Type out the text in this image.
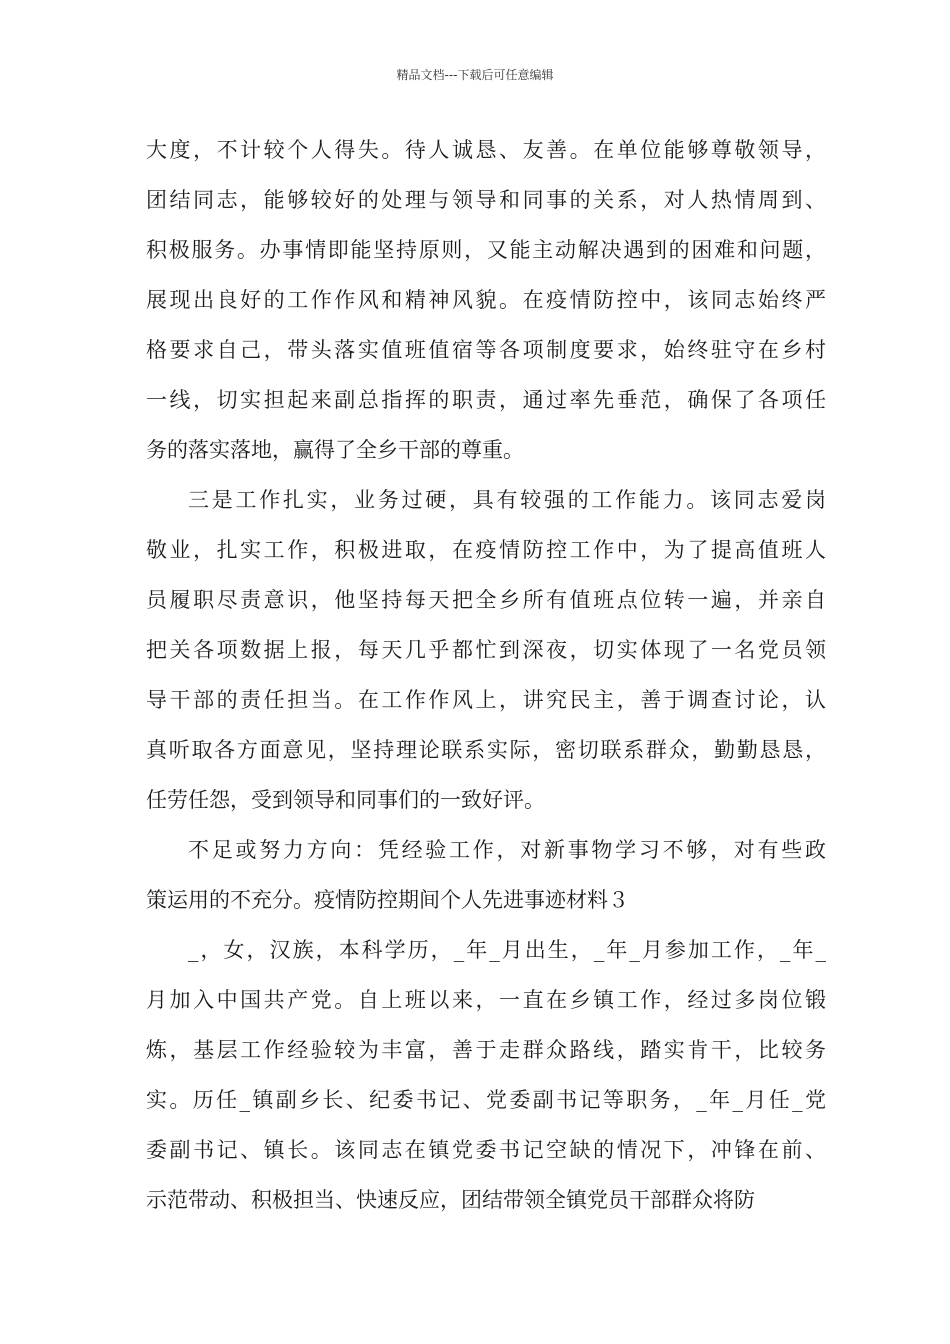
精品文档---下载后可任意编辑
大度，不计较个人得失。待人诚恳、友善。在单位能够尊敬领导，
团结同志，能够较好的处理与领导和同事的关系，对人热情周到、
积极服务。办事情即能坚持原则，又能主动解决遇到的困难和问题，
展现出良好的工作作风和精神风貌。在疫情防控中，该同志始终严
格要求自己，带头落实值班值宿等各项制度要求，始终驻守在乡村
一线，切实担起来副总指挥的职责，通过率先垂范，确保了各项任
务的落实落地，赢得了全乡干部的尊重。
三是工作扎实，业务过硬，具有较强的工作能力。该同志爱岗
敬业，扎实工作，积极进取，在疫情防控工作中，为了提高值班人
员履职尽责意识，他坚持每天把全乡所有值班点位转一遍，并亲自
把关各项数据上报，每天几乎都忙到深夜，切实体现了一名党员领
导干部的责任担当。在工作作风上，讲究民主，善于调查讨论，认
真听取各方面意见，坚持理论联系实际，密切联系群众，勤勤恳恳，
任劳任怨，受到领导和同事们的一致好评。
不足或努力方向：凭经验工作，对新事物学习不够，对有些政
策运用的不充分。疫情防控期间个人先进事迹材料３
_，女，汉族，本科学历，_年_月出生，_年_月参加工作，_年_
月加入中国共产党。自上班以来，一直在乡镇工作，经过多岗位锻
炼，基层工作经验较为丰富，善于走群众路线，踏实肯干，比较务
实。历任_镇副乡长、纪委书记、党委副书记等职务，_年_月任_党
委副书记、镇长。该同志在镇党委书记空缺的情况下，冲锋在前、
示范带动、积极担当、快速反应，团结带领全镇党员干部群众将防
